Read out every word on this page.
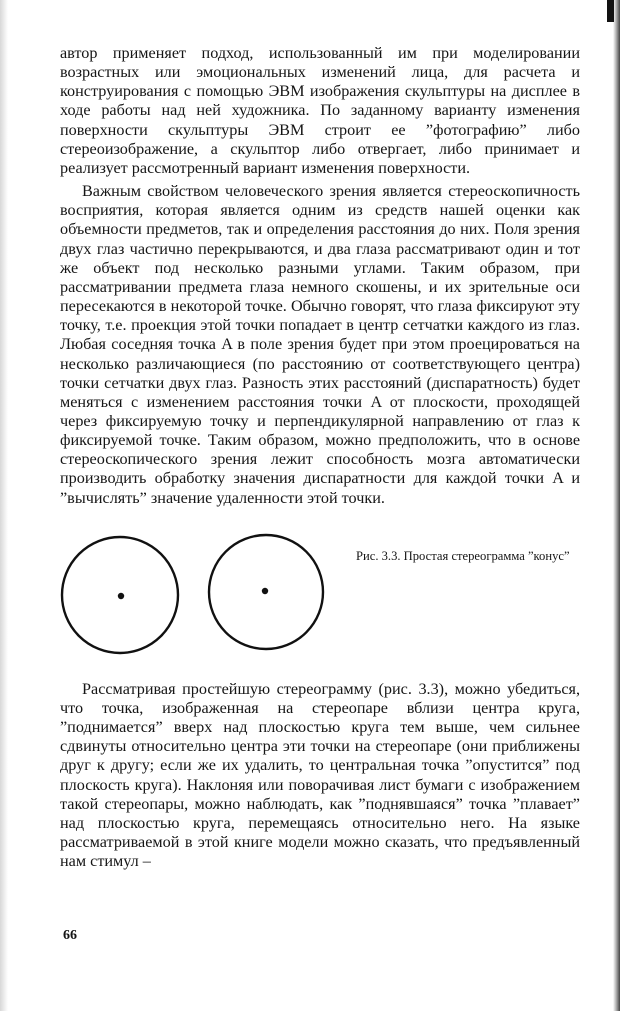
автор применяет подход, использованный им при моделировании возрастных или эмоциональных изменений лица, для расчета и конструирования с помощью ЭВМ изображения скульптуры на дисплее в ходе работы над ней художника. По заданному варианту изменения поверхности скульптуры ЭВМ строит ее ”фотографию” либо стереоизображение, а скульптор либо отвергает, либо принимает и реализует рассмотренный вариант изменения поверхности.

Важным свойством человеческого зрения является стереоскопичность восприятия, которая является одним из средств нашей оценки как объемности предметов, так и определения расстояния до них. Поля зрения двух глаз частично перекрываются, и два глаза рассматривают один и тот же объект под несколько разными углами. Таким образом, при рассматривании предмета глаза немного скошены, и их зрительные оси пересекаются в некоторой точке. Обычно говорят, что глаза фиксируют эту точку, т.е. проекция этой точки попадает в центр сетчатки каждого из глаз. Любая соседняя точка A в поле зрения будет при этом проецироваться на несколько различающиеся (по расстоянию от соответствующего центра) точки сетчатки двух глаз. Разность этих расстояний (диспаратность) будет меняться с изменением расстояния точки A от плоскости, проходящей через фиксируемую точку и перпендикулярной направлению от глаз к фиксируемой точке. Таким образом, можно предположить, что в основе стереоскопического зрения лежит способность мозга автоматически производить обработку значения диспаратности для каждой точки A и ”вычислять” значение удаленности этой точки.

Рис. 3.3. Простая стереограмма ”конус”

Рассматривая простейшую стереограмму (рис. 3.3), можно убедиться, что точка, изображенная на стереопаре вблизи центра круга, ”поднимается” вверх над плоскостью круга тем выше, чем сильнее сдвинуты относительно центра эти точки на стереопаре (они приближены друг к другу; если же их удалить, то центральная точка ”опустится” под плоскость круга). Наклоняя или поворачивая лист бумаги с изображением такой стереопары, можно наблюдать, как ”поднявшаяся” точка ”плавает” над плоскостью круга, перемещаясь относительно него. На языке рассматриваемой в этой книге модели можно сказать, что предъявленный нам стимул –

66
